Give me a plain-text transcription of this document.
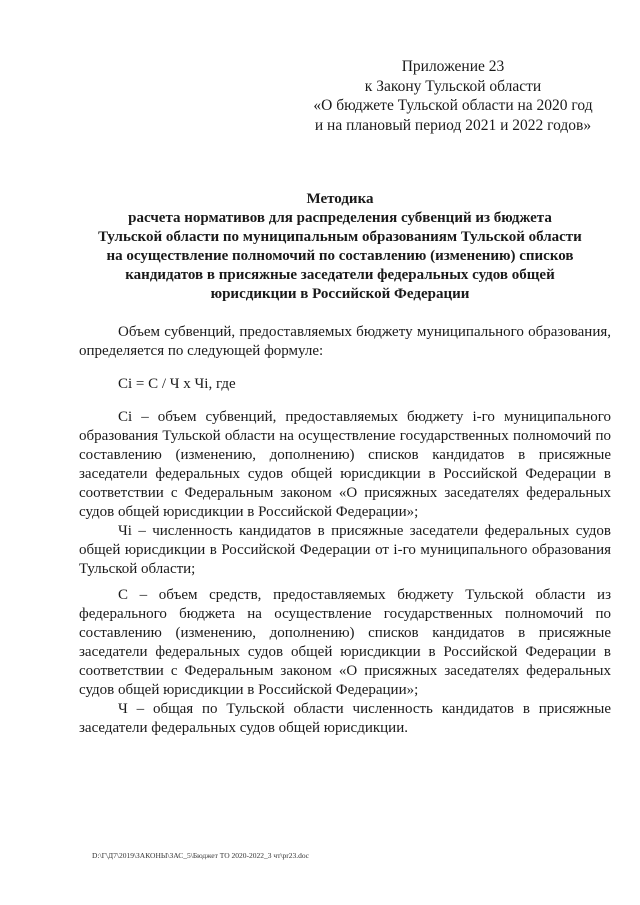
Приложение 23
к Закону Тульской области
«О бюджете Тульской области на 2020 год
и на плановый период 2021 и 2022 годов»
Методика
расчета нормативов для распределения субвенций из бюджета
Тульской области по муниципальным образованиям Тульской области
на осуществление полномочий по составлению (изменению) списков
кандидатов в присяжные заседатели федеральных судов общей
юрисдикции в Российской Федерации

Объем субвенций, предоставляемых бюджету муниципального образования, определяется по следующей формуле:

Ci = C / Ч х Чi, где

Ci – объем субвенций, предоставляемых бюджету i-го муниципального образования Тульской области на осуществление государственных полномочий по составлению (изменению, дополнению) списков кандидатов в присяжные заседатели федеральных судов общей юрисдикции в Российской Федерации в соответствии с Федеральным законом «О присяжных заседателях федеральных судов общей юрисдикции в Российской Федерации»;

Чi – численность кандидатов в присяжные заседатели федеральных судов общей юрисдикции в Российской Федерации от i-го муниципального образования Тульской области;

С – объем средств, предоставляемых бюджету Тульской области из федерального бюджета на осуществление государственных полномочий по составлению (изменению, дополнению) списков кандидатов в присяжные заседатели федеральных судов общей юрисдикции в Российской Федерации в соответствии с Федеральным законом «О присяжных заседателях федеральных судов общей юрисдикции в Российской Федерации»;

Ч – общая по Тульской области численность кандидатов в присяжные заседатели федеральных судов общей юрисдикции.

D:\Г\Д7\2019\ЗАКОНЫ\ЗАС_5\Бюджет ТО 2020-2022_3 чт\pr23.doc
